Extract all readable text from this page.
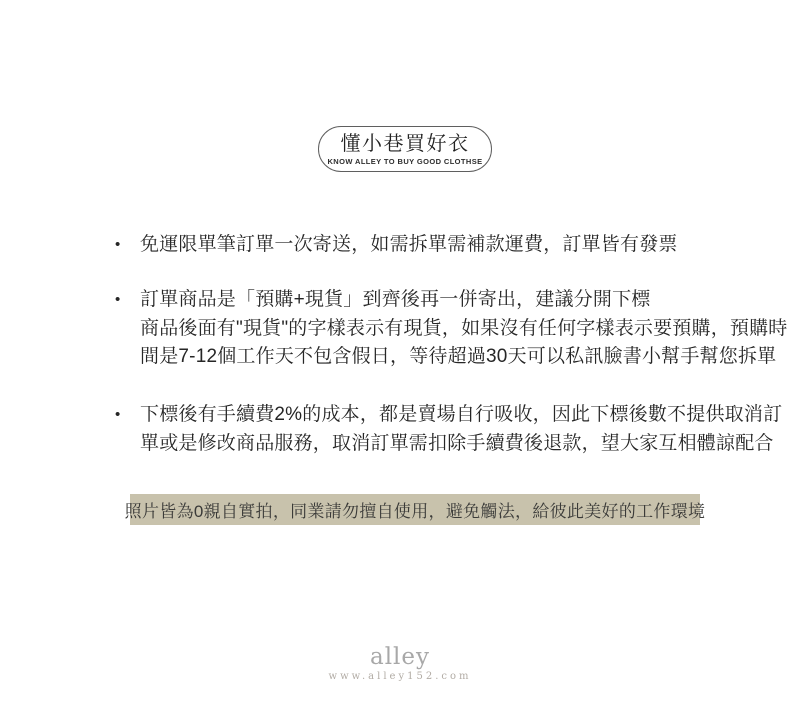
懂小巷買好衣
KNOW ALLEY TO BUY GOOD CLOTHSE
• 免運限單筆訂單一次寄送，如需拆單需補款運費，訂單皆有發票
• 訂單商品是「預購+現貨」到齊後再一併寄出，建議分開下標
商品後面有"現貨"的字樣表示有現貨，如果沒有任何字樣表示要預購，預購時
間是7-12個工作天不包含假日，等待超過30天可以私訊臉書小幫手幫您拆單
• 下標後有手續費2%的成本，都是賣場自行吸收，因此下標後數不提供取消訂
單或是修改商品服務，取消訂單需扣除手續費後退款，望大家互相體諒配合
照片皆為0親自實拍，同業請勿擅自使用，避免觸法，給彼此美好的工作環境
alley
www.alley152.com
